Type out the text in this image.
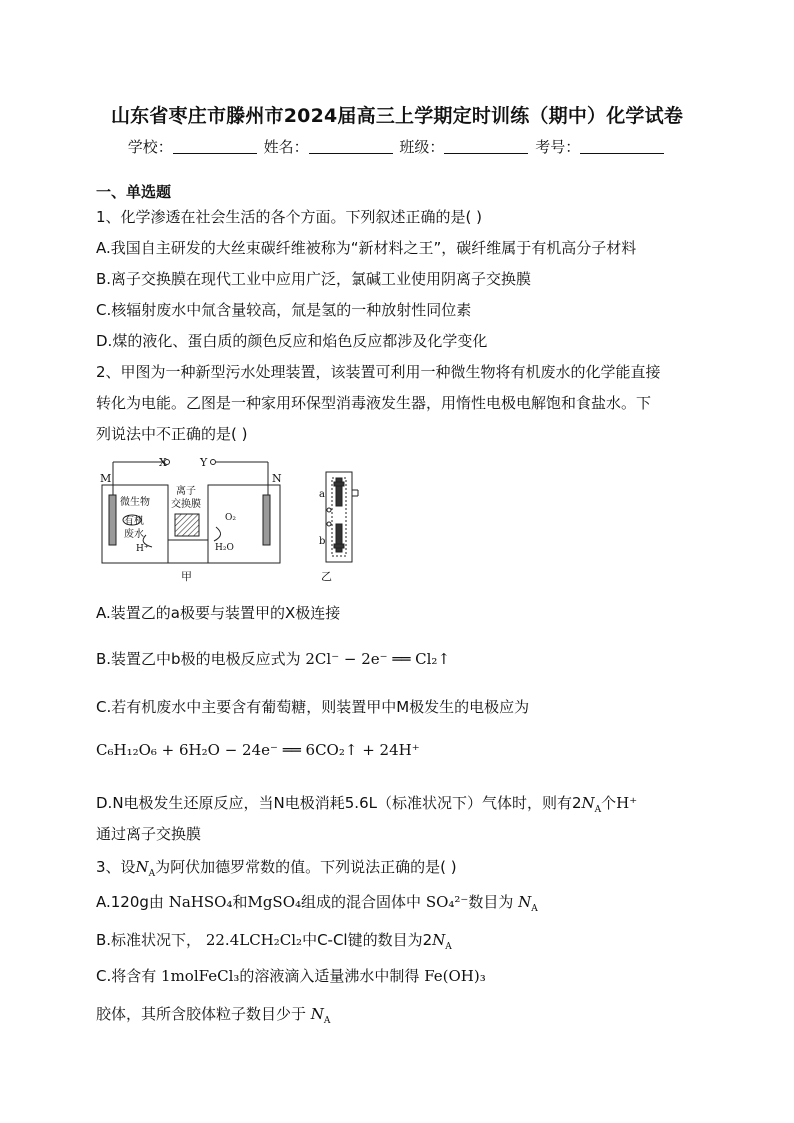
山东省枣庄市滕州市2024届高三上学期定时训练（期中）化学试卷
学校：	姓名：	班级：	考号：
一、单选题
1、化学渗透在社会生活的各个方面。下列叙述正确的是( )
A.我国自主研发的大丝束碳纤维被称为“新材料之王”，碳纤维属于有机高分子材料
B.离子交换膜在现代工业中应用广泛，氯碱工业使用阴离子交换膜
C.核辐射废水中氚含量较高，氚是氢的一种放射性同位素
D.煤的液化、蛋白质的颜色反应和焰色反应都涉及化学变化
2、甲图为一种新型污水处理装置，该装置可利用一种微生物将有机废水的化学能直接
转化为电能。乙图是一种家用环保型消毒液发生器，用惰性电极电解饱和食盐水。下
列说法中不正确的是( )
X	Y
M	N
微生物
有机
废水
H⁺
离子
交换膜
O₂
H₂O
甲	乙
a
b
A.装置乙的a极要与装置甲的X极连接
B.装置乙中b极的电极反应式为 2Cl⁻ − 2e⁻ ══ Cl₂↑
C.若有机废水中主要含有葡萄糖，则装置甲中M极发生的电极应为
C₆H₁₂O₆ + 6H₂O − 24e⁻ ══ 6CO₂↑ + 24H⁺
D.N电极发生还原反应，当N电极消耗5.6L（标准状况下）气体时，则有$2N_A$个H⁺
通过离子交换膜
3、设$N_A$为阿伏加德罗常数的值。下列说法正确的是( )
A.120g由 NaHSO₄和MgSO₄组成的混合固体中 SO₄²⁻数目为 $N_A$
B.标准状况下， 22.4LCH₂Cl₂中C-Cl键的数目为$2N_A$
C.将含有 1molFeCl₃的溶液滴入适量沸水中制得 Fe(OH)₃
胶体，其所含胶体粒子数目少于 $N_A$
